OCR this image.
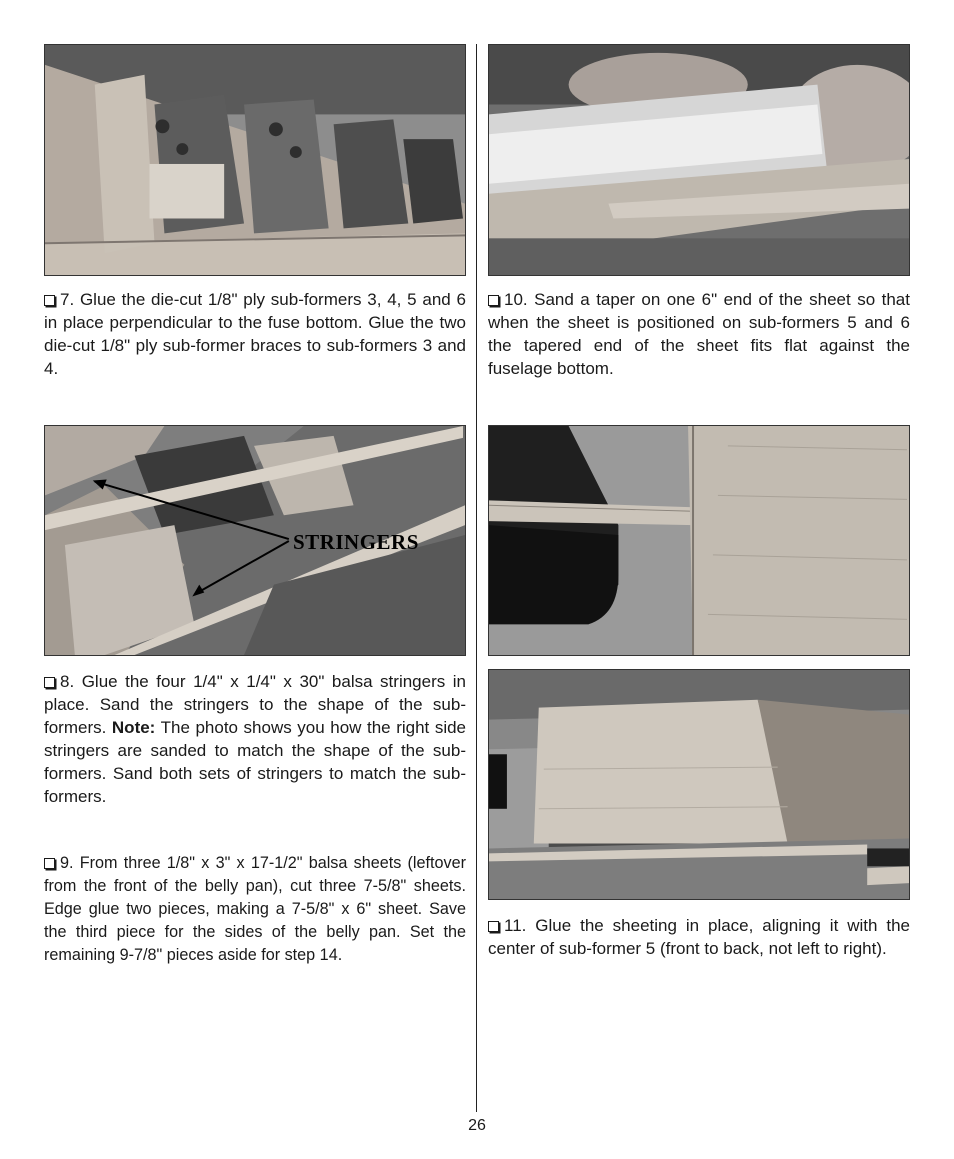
7. Glue the die-cut 1/8" ply sub-formers 3, 4, 5 and 6 in place perpendicular to the fuse bottom. Glue the two die-cut 1/8" ply sub-former braces to sub-formers 3 and 4.

10. Sand a taper on one 6" end of the sheet so that when the sheet is positioned on sub-formers 5 and 6 the tapered end of the sheet fits flat against the fuselage bottom.

STRINGERS

8. Glue the four 1/4" x 1/4" x 30" balsa stringers in place. Sand the stringers to the shape of the sub-formers. Note: The photo shows you how the right side stringers are sanded to match the shape of the sub-formers. Sand both sets of stringers to match the sub-formers.

9. From three 1/8" x 3" x 17-1/2" balsa sheets (leftover from the front of the belly pan), cut three 7-5/8" sheets. Edge glue two pieces, making a 7-5/8" x 6" sheet. Save the third piece for the sides of the belly pan. Set the remaining 9-7/8" pieces aside for step 14.

11. Glue the sheeting in place, aligning it with the center of sub-former 5 (front to back, not left to right).

26
